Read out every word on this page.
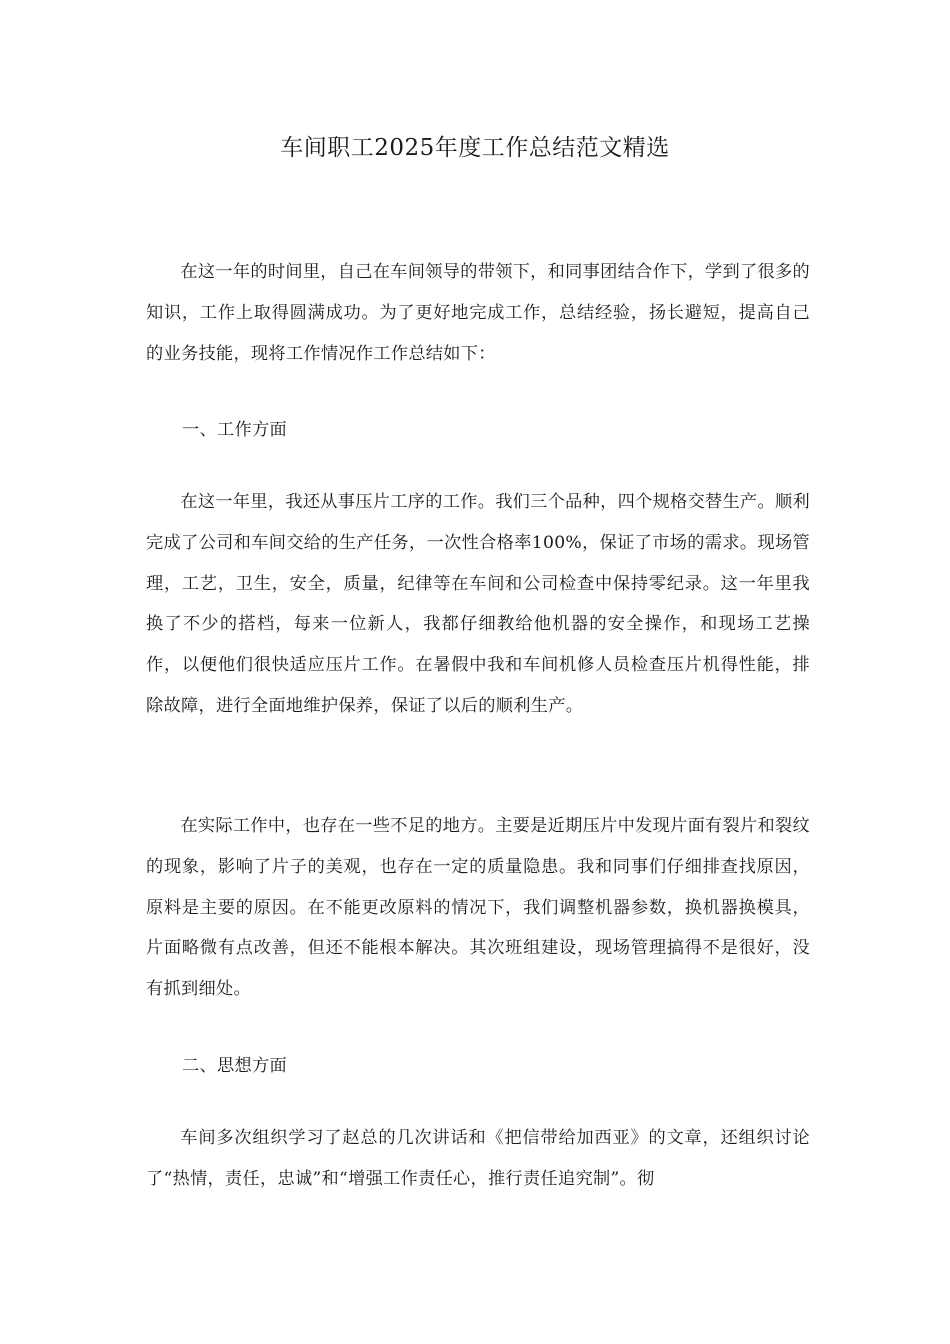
车间职工2025年度工作总结范文精选

在这一年的时间里，自己在车间领导的带领下，和同事团结合作下，学到了很多的知识，工作上取得圆满成功。为了更好地完成工作，总结经验，扬长避短，提高自己的业务技能，现将工作情况作工作总结如下：

一、工作方面

在这一年里，我还从事压片工序的工作。我们三个品种，四个规格交替生产。顺利完成了公司和车间交给的生产任务，一次性合格率100%，保证了市场的需求。现场管理，工艺，卫生，安全，质量，纪律等在车间和公司检查中保持零纪录。这一年里我换了不少的搭档，每来一位新人，我都仔细教给他机器的安全操作，和现场工艺操作，以便他们很快适应压片工作。在暑假中我和车间机修人员检查压片机得性能，排除故障，进行全面地维护保养，保证了以后的顺利生产。

在实际工作中，也存在一些不足的地方。主要是近期压片中发现片面有裂片和裂纹的现象，影响了片子的美观，也存在一定的质量隐患。我和同事们仔细排查找原因，原料是主要的原因。在不能更改原料的情况下，我们调整机器参数，换机器换模具，片面略微有点改善，但还不能根本解决。其次班组建设，现场管理搞得不是很好，没有抓到细处。

二、思想方面

车间多次组织学习了赵总的几次讲话和《把信带给加西亚》的文章，还组织讨论了“热情，责任，忠诚”和“增强工作责任心，推行责任追究制”。彻
